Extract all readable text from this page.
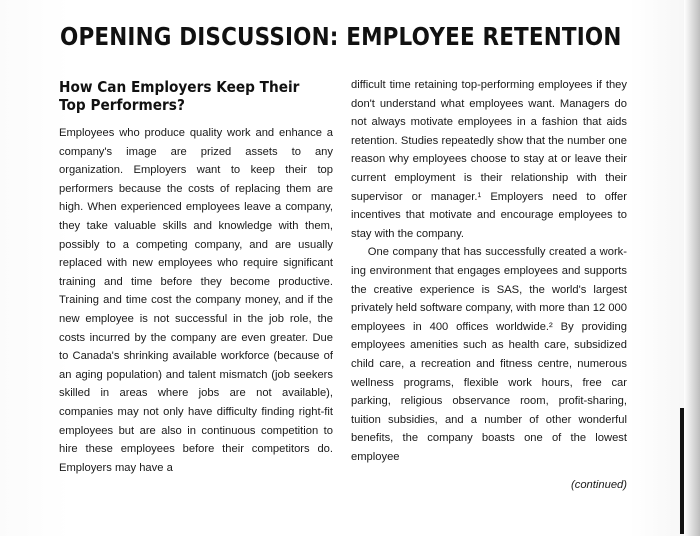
OPENING DISCUSSION: EMPLOYEE RETENTION
How Can Employers Keep Their Top Performers?

Employees who produce quality work and enhance a company's image are prized assets to any organization. Employers want to keep their top performers because the costs of replacing them are high. When experienced employees leave a company, they take valuable skills and knowledge with them, possibly to a competing company, and are usually replaced with new employees who require significant training and time before they become productive. Training and time cost the company money, and if the new employee is not successful in the job role, the costs incurred by the company are even greater. Due to Canada's shrinking available workforce (because of an aging population) and talent mismatch (job seekers skilled in areas where jobs are not available), companies may not only have difficulty finding right-fit employees but are also in continuous competition to hire these employees before their competitors do. Employers may have a

difficult time retaining top-performing employees if they don't understand what employees want. Managers do not always motivate employees in a fashion that aids retention. Studies repeatedly show that the number one reason why employees choose to stay at or leave their current employment is their relationship with their supervisor or manager.¹ Employers need to offer incentives that motivate and encourage employees to stay with the company.

One company that has successfully created a work-ing environment that engages employees and supports the creative experience is SAS, the world's largest privately held software company, with more than 12 000 employees in 400 offices worldwide.² By providing employees amenities such as health care, subsidized child care, a recreation and fitness centre, numerous wellness programs, flexible work hours, free car parking, religious observance room, profit-sharing, tuition subsidies, and a number of other wonderful benefits, the company boasts one of the lowest employee

(continued)
